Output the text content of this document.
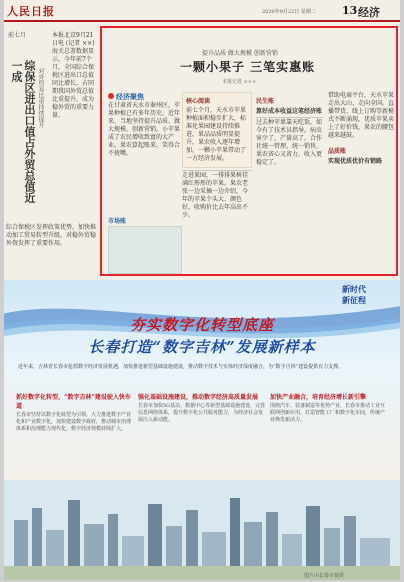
人民日报	2020年9月22日 星期二 13 经济
前七月
综保区进出口值占外贸总值近一成	对外贸易比重持续提升
本报北京9月21日电 (记者 ××) 海关总署数据显示，今年前7个月，全国综合保税区进出口总值同比增长，占同期我国外贸总值比重提升，成为稳外贸的重要力量。
综合保税区发挥政策优势，加快推动加工贸易转型升级，对稳外贸稳外资发挥了重要作用。
提升品质 做大规模 创新营销
一颗小果子 三笔实惠账
本报记者 ×××
经济聚焦
在甘肃省天水市秦州区，苹果种植已有多年历史。近年来，当地坚持提升品质、做大规模、创新营销，小苹果成了农民增收致富的大产业。果农算起账来，笑得合不拢嘴。
市场账
核心阅读
前七个月，天水市苹果种植面积稳步扩大，标准化果园建设持续推进，果品品质明显提升，果农收入逐年增加，一颗小苹果带动了一方经济发展。
走进果园，一排排果树挂满红彤彤的苹果。果农老张一边采摘一边介绍，今年的苹果个头大、颜色好，收购价比去年高出不少。
民生账
算好成本收益这笔经济账
过去种苹果靠天吃饭，如今有了技术员指导，病虫害少了，产量高了。合作社统一管理、统一销售，果农省心又省力，收入更稳定了。
借助电商平台，天水苹果走出大山、走向全国。直播带货、线上订购等新模式不断涌现，优质苹果卖上了好价钱，果农的腰包越来越鼓。
品质账
实现优质优价有销路
新时代
新征程
夯实数字化转型底座
长春打造“数字吉林”发展新样本
近年来，吉林省长春市抢抓数字经济发展机遇，加快推进新型基础设施建设，推动数字技术与实体经济深度融合，为“数字吉林”建设提供有力支撑。
抓好数字化转型，“数字吉林”建设驶入快车道
长春市坚持以数字化转型为引领，大力推进数字产业化和产业数字化，加快建设数字政府，推动城市治理体系和治理能力现代化，数字经济规模持续扩大。
强化基础设施建设，推动数字经济高质量发展
长春市加快5G基站、数据中心等新型基础设施建设，完善信息网络体系，提升数字化公共服务能力，为经济社会发展注入新动能。
加快产业融合，培育经济增长新引擎
围绕汽车、装备制造等优势产业，长春市推动工业互联网创新应用，打造智能工厂和数字化车间，传统产业焕发新活力。
图片由长春市提供
